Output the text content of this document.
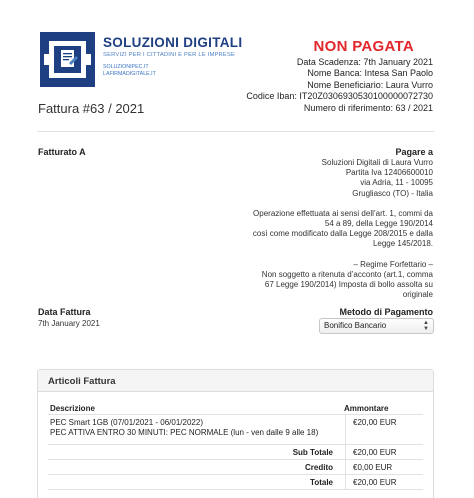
SOLUZIONI DIGITALI
SERVIZI PER I CITTADINI E PER LE IMPRESE
SOLUZIONIPEC.IT
LAFIRMADIGITALE.IT
NON PAGATA
Data Scadenza: 7th January 2021
Nome Banca: Intesa San Paolo
Nome Beneficiario: Laura Vurro
Codice Iban: IT20Z0306930530100000072730
Numero di riferimento: 63 / 2021
Fattura #63 / 2021
Fatturato A	Pagare a
Soluzioni Digitali di Laura Vurro
Partita Iva 12406600010
via Adria, 11 - 10095
Grugliasco (TO) - Italia
Operazione effettuata ai sensi dell’art. 1, commi da
54 a 89, della Legge 190/2014
così come modificato dalla Legge 208/2015 e dalla
Legge 145/2018.
– Regime Forfettario –
Non soggetto a ritenuta d’acconto (art.1, comma
67 Legge 190/2014) Imposta di bollo assolta su
originale
Data Fattura
7th January 2021
Metodo di Pagamento
Bonifico Bancario	▲
▼
Articoli Fattura
Descrizione	Ammontare
PEC Smart 1GB (07/01/2021 - 06/01/2022)
PEC ATTIVA ENTRO 30 MINUTI: PEC NORMALE (lun - ven dalle 9 alle 18)
€20,00 EUR
Sub Totale	€20,00 EUR
Credito	€0,00 EUR
Totale	€20,00 EUR
